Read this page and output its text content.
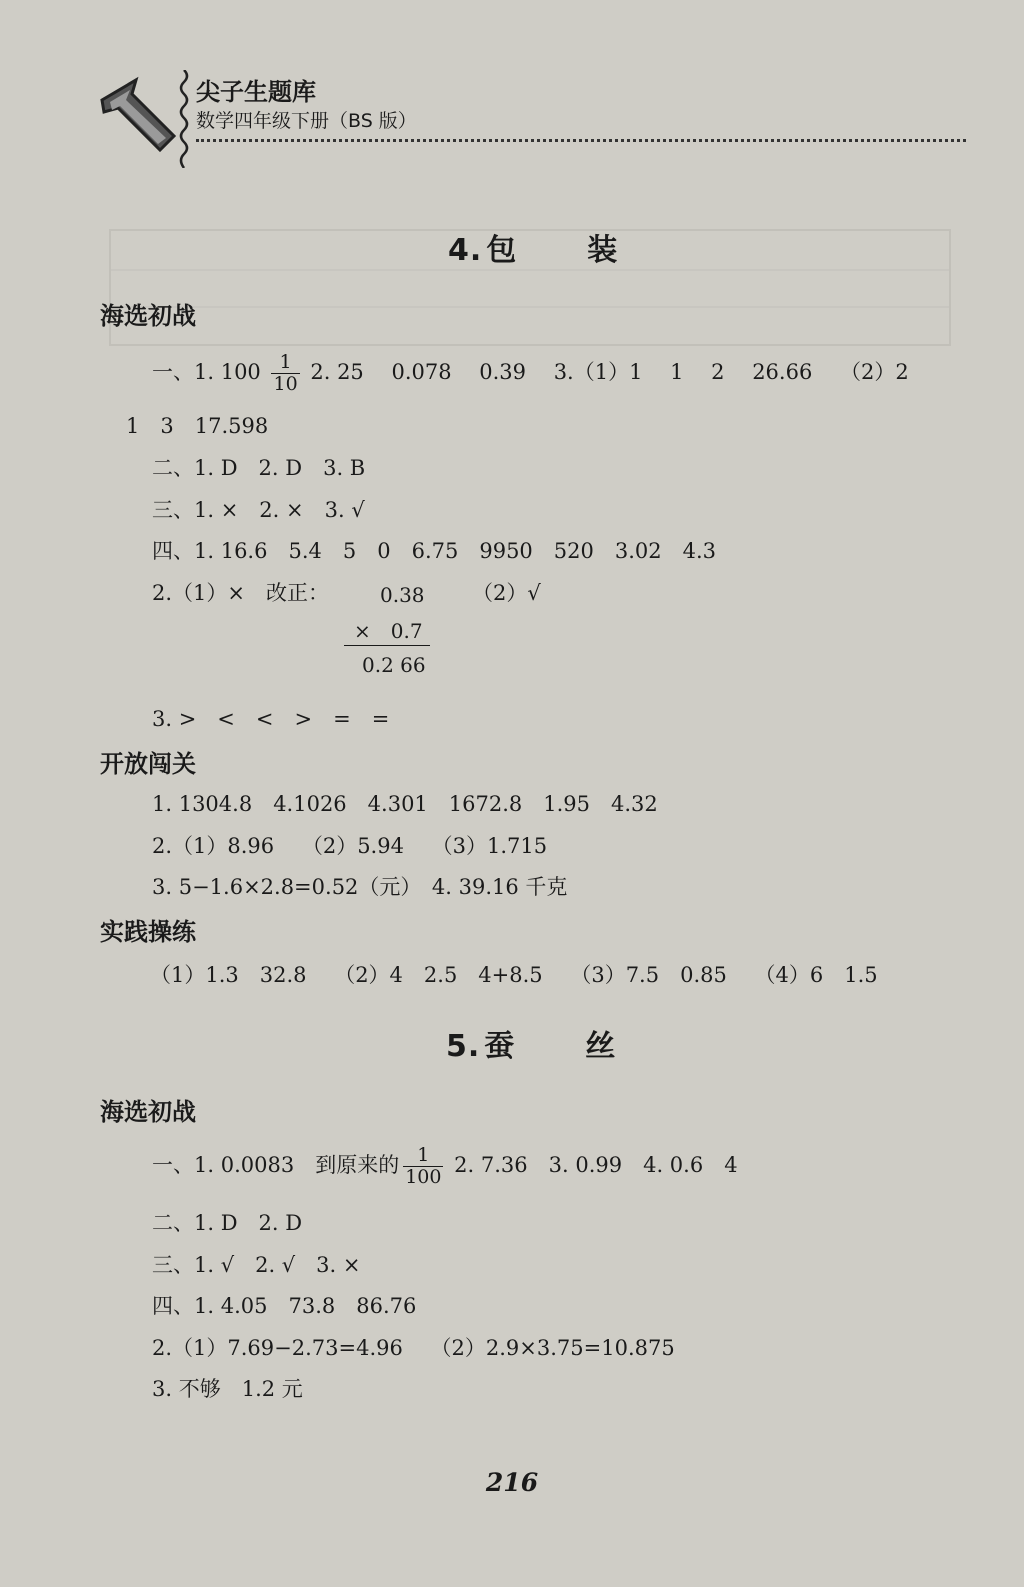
尖子生题库
数学四年级下册（BS 版）
4. 包 装
海选初战
一、1. $100 \frac{1}{10} 2$. 25　 0.078　 0.39　 3.（1）1　 1　 2　 26.66　 （2）2
1　3　17.598
二、1. D　2. D　3. B
三、1. ×　2. ×　3. √
四、1. 16.6　5.4　5　0　6.75　9950　520　3.02　4.3
2.（1）×　改正：	（2）√
0.38
×　0.7
0.2 66
3. >　<　<　>　=　=
开放闯关
1. 1304.8　4.1026　4.301　1672.8　1.95　4.32
2.（1）8.96　 （2）5.94　 （3）1.715
3. 5−1.6×2.8=0.52（元）　4. 39.16 千克
实践操练
（1）1.3　32.8　 （2）4　2.5　4+8.5　 （3）7.5　0.85　 （4）6　1.5
5. 蚕 丝
海选初战
一、1. 0.0083　到原来的 $\frac{1}{100} 2$. 7.36　3. 0.99　4. 0.6　4
二、1. D　2. D
三、1. √　2. √　3. ×
四、1. 4.05　73.8　86.76
2.（1）7.69−2.73=4.96　 （2）2.9×3.75=10.875
3. 不够　1.2 元
216
